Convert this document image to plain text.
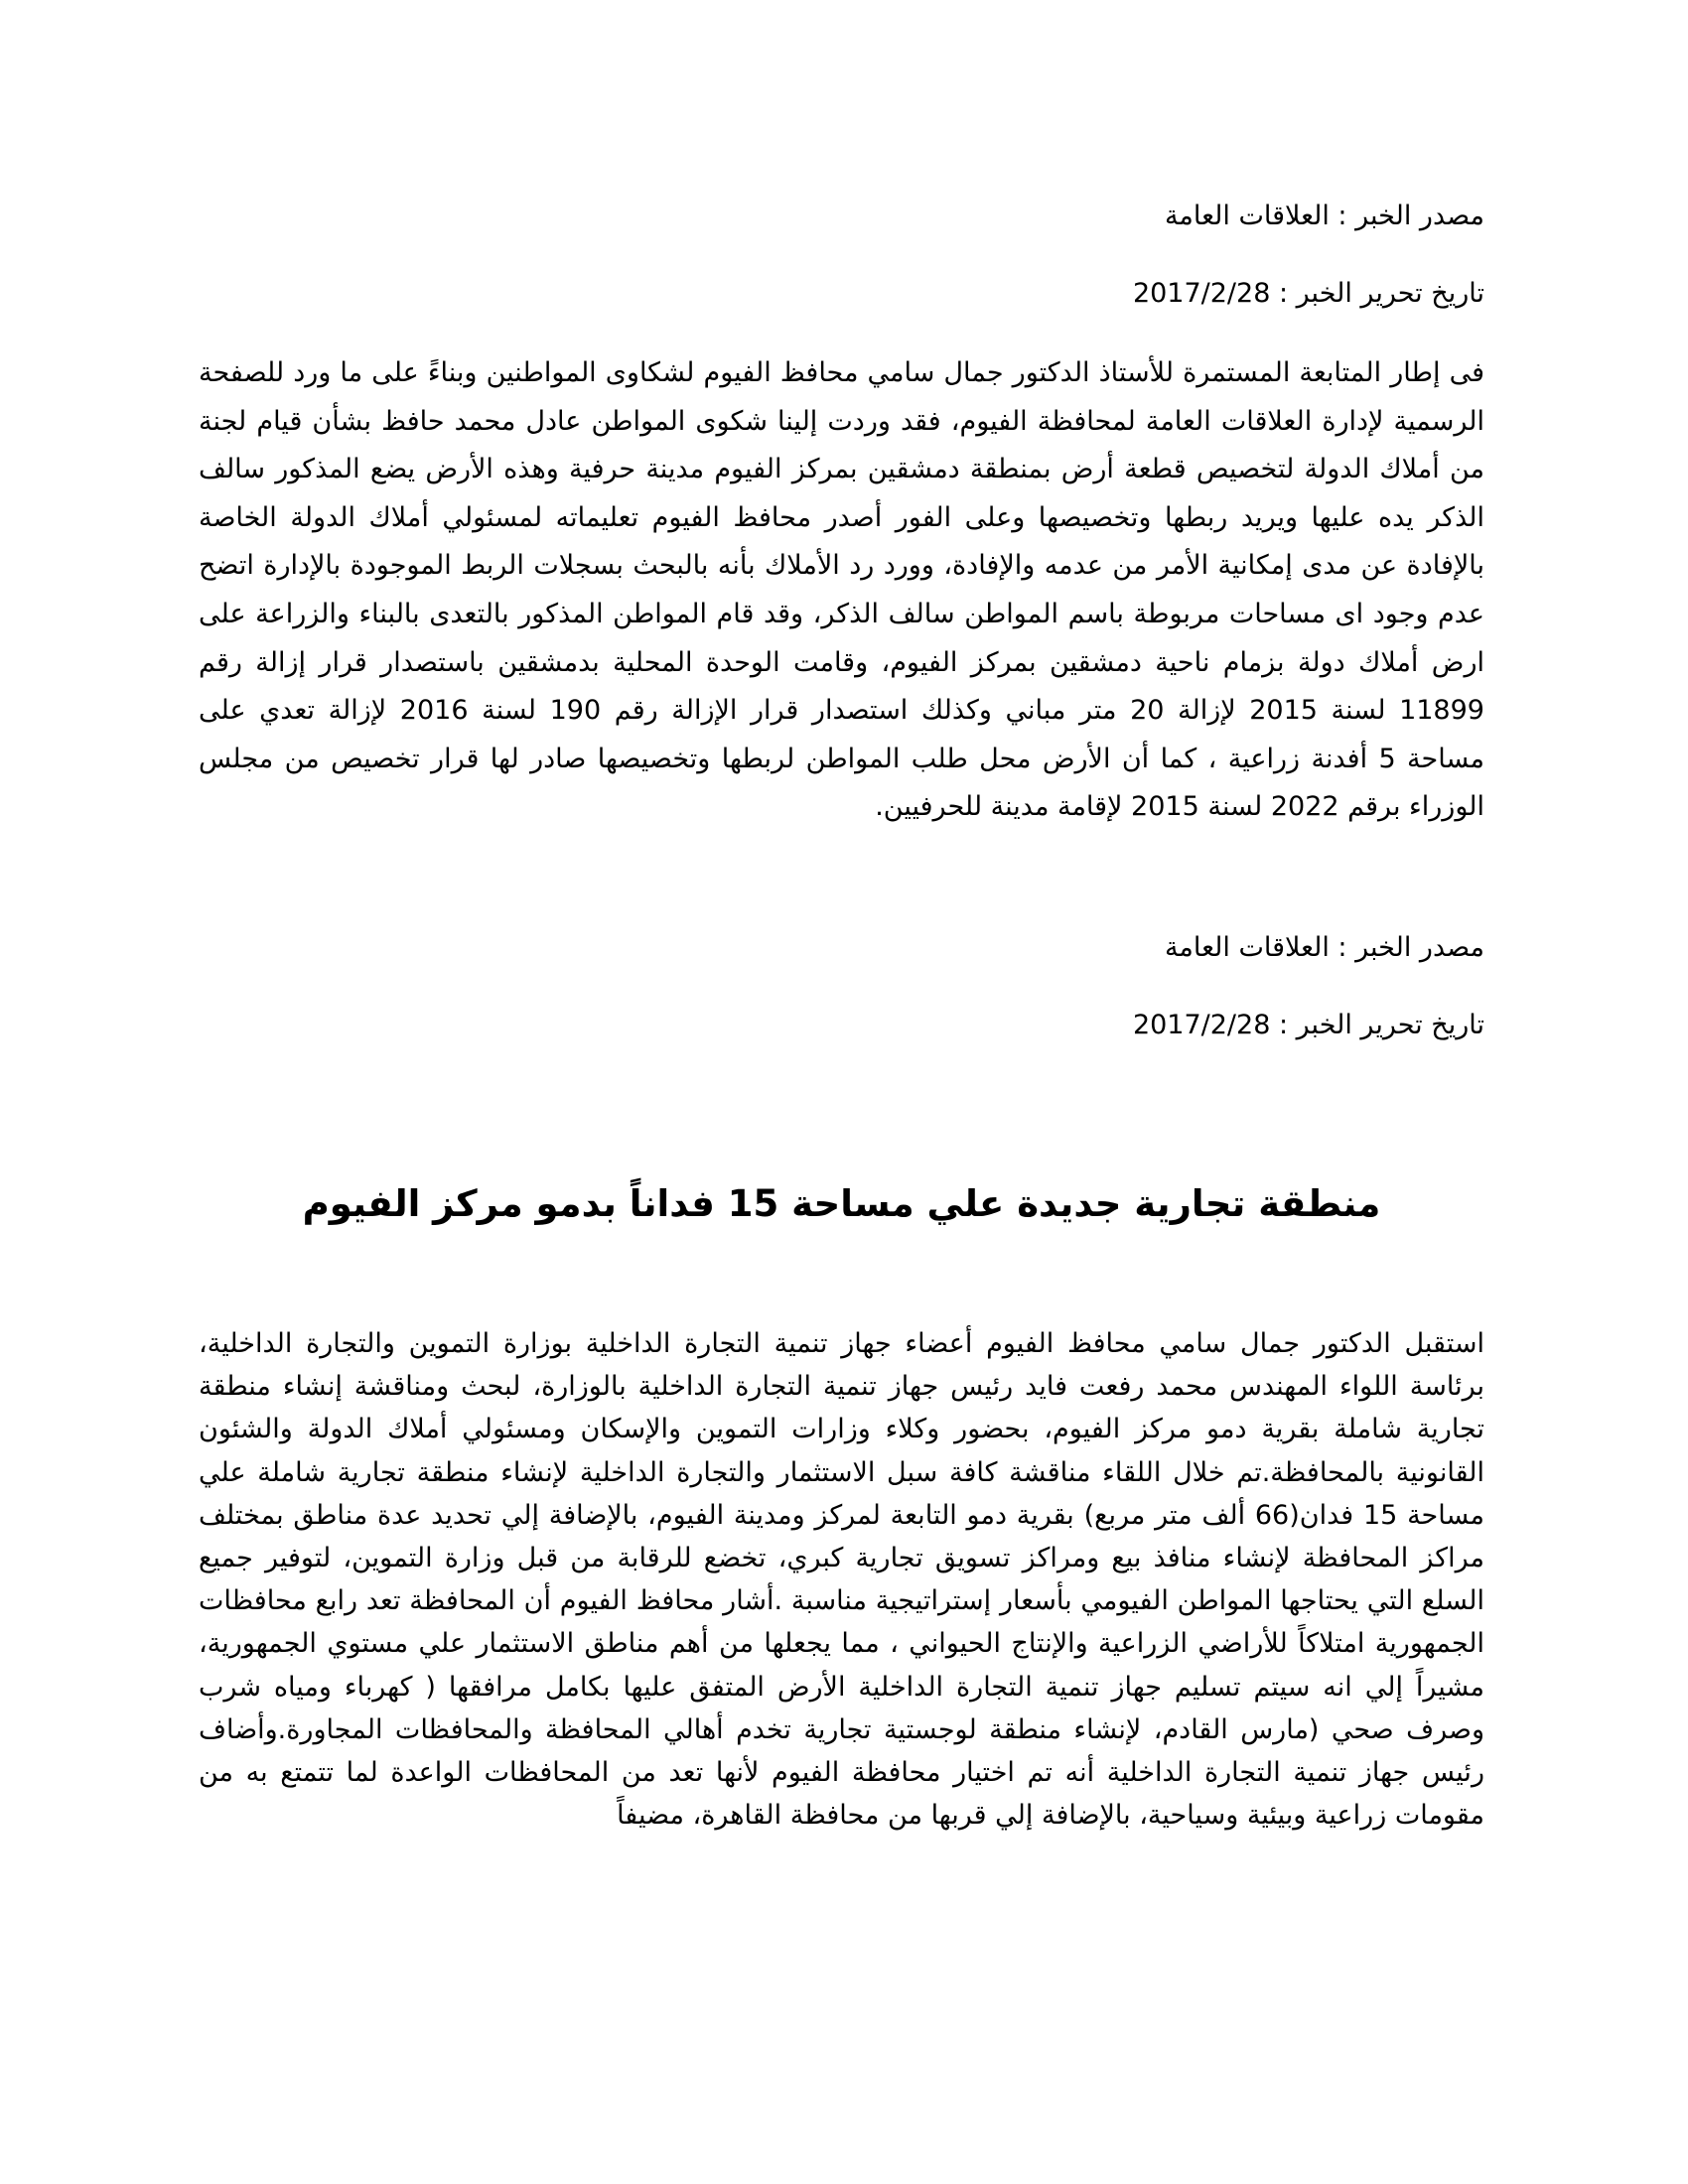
مصدر الخبر : العلاقات العامة

تاريخ تحرير الخبر : 2017/2/28

فى إطار المتابعة المستمرة للأستاذ الدكتور جمال سامي محافظ الفيوم لشكاوى المواطنين وبناءً على ما ورد للصفحة الرسمية لإدارة العلاقات العامة لمحافظة الفيوم، فقد وردت إلينا شكوى المواطن عادل محمد حافظ بشأن قيام لجنة من أملاك الدولة لتخصيص قطعة أرض بمنطقة دمشقين بمركز الفيوم مدينة حرفية وهذه الأرض يضع المذكور سالف الذكر يده عليها ويريد ربطها وتخصيصها وعلى الفور أصدر محافظ الفيوم تعليماته لمسئولي أملاك الدولة الخاصة بالإفادة عن مدى إمكانية الأمر من عدمه والإفادة، وورد رد الأملاك بأنه بالبحث بسجلات الربط الموجودة بالإدارة اتضح عدم وجود اى مساحات مربوطة باسم المواطن سالف الذكر، وقد قام المواطن المذكور بالتعدى بالبناء والزراعة على ارض أملاك دولة بزمام ناحية دمشقين بمركز الفيوم، وقامت الوحدة المحلية بدمشقين باستصدار قرار إزالة رقم 11899 لسنة 2015 لإزالة 20 متر مباني وكذلك استصدار قرار الإزالة رقم 190 لسنة 2016 لإزالة تعدي على مساحة 5 أفدنة زراعية ، كما أن الأرض محل طلب المواطن لربطها وتخصيصها صادر لها قرار تخصيص من مجلس الوزراء برقم 2022 لسنة 2015 لإقامة مدينة للحرفيين.

مصدر الخبر : العلاقات العامة

تاريخ تحرير الخبر : 2017/2/28

منطقة تجارية جديدة علي مساحة 15 فداناً بدمو مركز الفيوم

استقبل الدكتور جمال سامي محافظ الفيوم أعضاء جهاز تنمية التجارة الداخلية بوزارة التموين والتجارة الداخلية، برئاسة اللواء المهندس محمد رفعت فايد رئيس جهاز تنمية التجارة الداخلية بالوزارة، لبحث ومناقشة إنشاء منطقة تجارية شاملة بقرية دمو مركز الفيوم، بحضور وكلاء وزارات التموين والإسكان ومسئولي أملاك الدولة والشئون القانونية بالمحافظة.تم خلال اللقاء مناقشة كافة سبل الاستثمار والتجارة الداخلية لإنشاء منطقة تجارية شاملة علي مساحة 15 فدان(66 ألف متر مربع) بقرية دمو التابعة لمركز ومدينة الفيوم، بالإضافة إلي تحديد عدة مناطق بمختلف مراكز المحافظة لإنشاء منافذ بيع ومراكز تسويق تجارية كبري، تخضع للرقابة من قبل وزارة التموين، لتوفير جميع السلع التي يحتاجها المواطن الفيومي بأسعار إستراتيجية مناسبة .أشار محافظ الفيوم أن المحافظة تعد رابع محافظات الجمهورية امتلاكاً للأراضي الزراعية والإنتاج الحيواني ، مما يجعلها من أهم مناطق الاستثمار علي مستوي الجمهورية، مشيراً إلي انه سيتم تسليم جهاز تنمية التجارة الداخلية الأرض المتفق عليها بكامل مرافقها ( كهرباء ومياه شرب وصرف صحي (مارس القادم، لإنشاء منطقة لوجستية تجارية تخدم أهالي المحافظة والمحافظات المجاورة.وأضاف رئيس جهاز تنمية التجارة الداخلية أنه تم اختيار محافظة الفيوم لأنها تعد من المحافظات الواعدة لما تتمتع به من مقومات زراعية وبيئية وسياحية، بالإضافة إلي قربها من محافظة القاهرة، مضيفاً
